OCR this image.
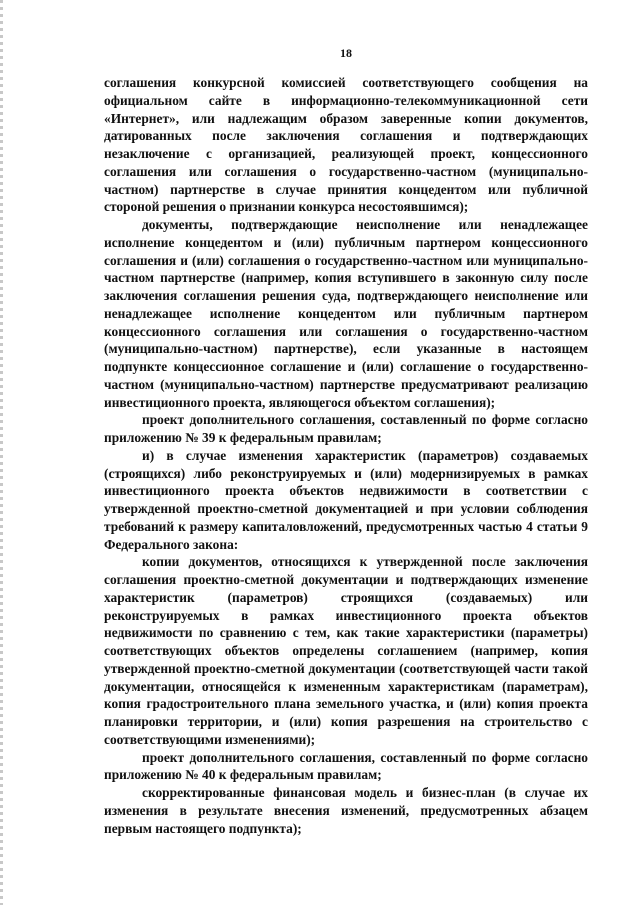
18

соглашения конкурсной комиссией соответствующего сообщения на официальном сайте в информационно-телекоммуникационной сети «Интернет», или надлежащим образом заверенные копии документов, датированных после заключения соглашения и подтверждающих незаключение с организацией, реализующей проект, концессионного соглашения или соглашения о государственно-частном (муниципально-частном) партнерстве в случае принятия концедентом или публичной стороной решения о признании конкурса несостоявшимся);

документы, подтверждающие неисполнение или ненадлежащее исполнение концедентом и (или) публичным партнером концессионного соглашения и (или) соглашения о государственно-частном или муниципально-частном партнерстве (например, копия вступившего в законную силу после заключения соглашения решения суда, подтверждающего неисполнение или ненадлежащее исполнение концедентом или публичным партнером концессионного соглашения или соглашения о государственно-частном (муниципально-частном) партнерстве), если указанные в настоящем подпункте концессионное соглашение и (или) соглашение о государственно-частном (муниципально-частном) партнерстве предусматривают реализацию инвестиционного проекта, являющегося объектом соглашения);

проект дополнительного соглашения, составленный по форме согласно приложению № 39 к федеральным правилам;

и) в случае изменения характеристик (параметров) создаваемых (строящихся) либо реконструируемых и (или) модернизируемых в рамках инвестиционного проекта объектов недвижимости в соответствии с утвержденной проектно-сметной документацией и при условии соблюдения требований к размеру капиталовложений, предусмотренных частью 4 статьи 9 Федерального закона:

копии документов, относящихся к утвержденной после заключения соглашения проектно-сметной документации и подтверждающих изменение характеристик (параметров) строящихся (создаваемых) или реконструируемых в рамках инвестиционного проекта объектов недвижимости по сравнению с тем, как такие характеристики (параметры) соответствующих объектов определены соглашением (например, копия утвержденной проектно-сметной документации (соответствующей части такой документации, относящейся к измененным характеристикам (параметрам), копия градостроительного плана земельного участка, и (или) копия проекта планировки территории, и (или) копия разрешения на строительство с соответствующими изменениями);

проект дополнительного соглашения, составленный по форме согласно приложению № 40 к федеральным правилам;

скорректированные финансовая модель и бизнес-план (в случае их изменения в результате внесения изменений, предусмотренных абзацем первым настоящего подпункта);
